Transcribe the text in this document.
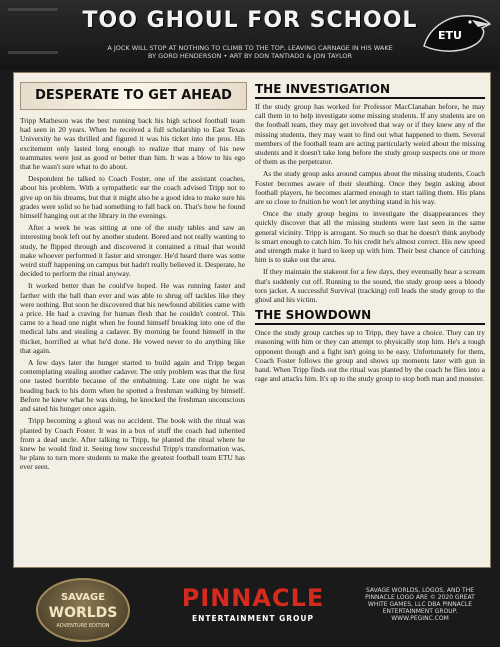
TOO GHOUL FOR SCHOOL
A JOCK WILL STOP AT NOTHING TO CLIMB TO THE TOP, LEAVING CARNAGE IN HIS WAKE
BY GORD HENDERSON • ART BY DON TANTIADO & JON TAYLOR
ETU
DESPERATE TO GET AHEAD

Tripp Matheson was the best running back his high school football team had seen in 20 years. When he received a full scholarship to East Texas University he was thrilled and figured it was his ticket into the pros. His excitement only lasted long enough to realize that many of his new teammates were just as good or better than him. It was a blow to his ego that he wasn't sure what to do about.

Despondent he talked to Coach Foster, one of the assistant coaches, about his problem. With a sympathetic ear the coach advised Tripp not to give up on his dreams, but that it might also be a good idea to make sure his grades were solid so he had something to fall back on. That's how he found himself hanging out at the library in the evenings.

After a week he was sitting at one of the study tables and saw an interesting book left out by another student. Bored and not really wanting to study, he flipped through and discovered it contained a ritual that would make whoever performed it faster and stronger. He'd heard there was some weird stuff happening on campus but hadn't really believed it. Desperate, he decided to perform the ritual anyway.

It worked better than he could've hoped. He was running faster and farther with the ball than ever and was able to shrug off tackles like they were nothing. But soon he discovered that his newfound abilities came with a price. He had a craving for human flesh that he couldn't control. This came to a head one night when he found himself breaking into one of the medical labs and stealing a cadaver. By morning he found himself in the thicket, horrified at what he'd done. He vowed never to do anything like that again.

A few days later the hunger started to build again and Tripp began contemplating stealing another cadaver. The only problem was that the first one tasted horrible because of the embalming. Late one night he was heading back to his dorm when he spotted a freshman walking by himself. Before he knew what he was doing, he knocked the freshman unconscious and sated his hunger once again.

Tripp becoming a ghoul was no accident. The book with the ritual was planted by Coach Foster. It was in a box of stuff the coach had inherited from a dead uncle. After talking to Tripp, he planted the ritual where he knew he would find it. Seeing how successful Tripp's transformation was, he plans to turn more students to make the greatest football team ETU has ever seen.

THE INVESTIGATION

If the study group has worked for Professor MacClanahan before, he may call them in to help investigate some missing students. If any students are on the football team, they may get involved that way or if they knew any of the missing students, they may want to find out what happened to them. Several members of the football team are acting particularly weird about the missing students and it doesn't take long before the study group suspects one or more of them as the perpetrator.

As the study group asks around campus about the missing students, Coach Foster becomes aware of their sleuthing. Once they begin asking about football players, he becomes alarmed enough to start tailing them. His plans are so close to fruition he won't let anything stand in his way.

Once the study group begins to investigate the disappearances they quickly discover that all the missing students were last seen in the same general vicinity. Tripp is arrogant. So much so that he doesn't think anybody is smart enough to catch him. To his credit he's almost correct. His new speed and strength make it hard to keep up with him. Their best chance of catching him is to stake out the area.

If they maintain the stakeout for a few days, they eventually hear a scream that's suddenly cut off. Running to the sound, the study group sees a bloody torn jacket. A successful Survival (tracking) roll leads the study group to the ghoul and his victim.

THE SHOWDOWN

Once the study group catches up to Tripp, they have a choice. They can try reasoning with him or they can attempt to physically stop him. He's a tough opponent though and a fight isn't going to be easy. Unfortunately for them, Coach Foster follows the group and shows up moments later with gun in hand. When Tripp finds out the ritual was planted by the coach he flies into a rage and attacks him. It's up to the study group to stop both man and monster.

SAVAGE
WORLDS
ADVENTURE EDITION
PINNACLE
ENTERTAINMENT GROUP
SAVAGE WORLDS, LOGOS, AND THE
PINNACLE LOGO ARE © 2020 GREAT
WHITE GAMES, LLC DBA PINNACLE
ENTERTAINMENT GROUP.
WWW.PEGINC.COM
